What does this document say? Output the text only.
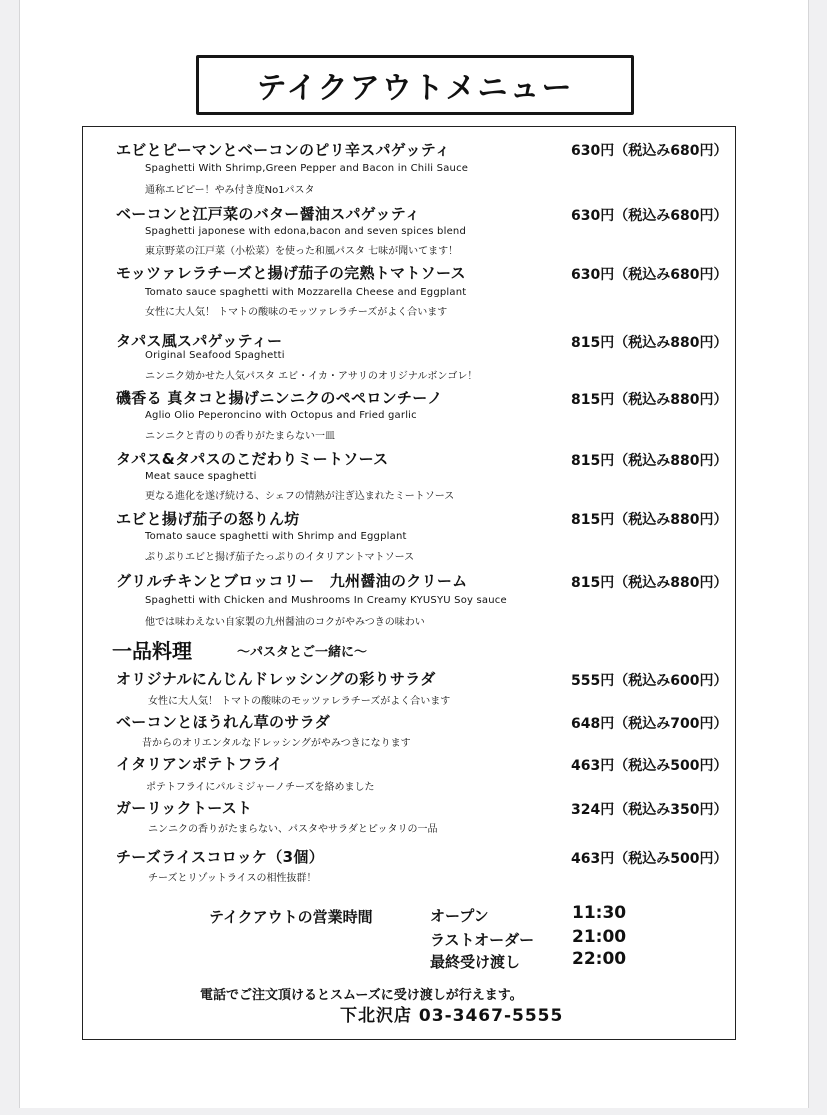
テイクアウトメニュー
エビとピーマンとベーコンのピリ辛スパゲッティ	630円（税込み680円）
Spaghetti With Shrimp,Green Pepper and Bacon in Chili Sauce
通称エピピー！やみ付き度No1パスタ
ベーコンと江戸菜のバター醤油スパゲッティ	630円（税込み680円）
Spaghetti japonese with edona,bacon and seven spices blend
東京野菜の江戸菜（小松菜）を使った和風パスタ 七味が聞いてます！
モッツァレラチーズと揚げ茄子の完熟トマトソース	630円（税込み680円）
Tomato sauce spaghetti with Mozzarella Cheese and Eggplant
女性に大人気！ トマトの酸味のモッツァレラチーズがよく合います
タパス風スパゲッティー	815円（税込み880円）
Original Seafood Spaghetti
ニンニク効かせた人気パスタ エビ・イカ・アサリのオリジナルボンゴレ！
磯香る 真タコと揚げニンニクのペペロンチーノ	815円（税込み880円）
Aglio Olio Peperoncino with Octopus and Fried garlic
ニンニクと青のりの香りがたまらない一皿
タパス&タパスのこだわりミートソース	815円（税込み880円）
Meat sauce spaghetti
更なる進化を遂げ続ける、シェフの情熱が注ぎ込まれたミートソース
エビと揚げ茄子の怒りん坊	815円（税込み880円）
Tomato sauce spaghetti with Shrimp and Eggplant
ぷりぷりエビと揚げ茄子たっぷりのイタリアントマトソース
グリルチキンとブロッコリー　九州醤油のクリーム	815円（税込み880円）
Spaghetti with Chicken and Mushrooms In Creamy KYUSYU Soy sauce
他では味わえない自家製の九州醤油のコクがやみつきの味わい
一品料理	〜パスタとご一緒に〜
オリジナルにんじんドレッシングの彩りサラダ	555円（税込み600円）
女性に大人気！ トマトの酸味のモッツァレラチーズがよく合います
ベーコンとほうれん草のサラダ	648円（税込み700円）
昔からのオリエンタルなドレッシングがやみつきになります
イタリアンポテトフライ	463円（税込み500円）
ポテトフライにパルミジャーノチーズを絡めました
ガーリックトースト	324円（税込み350円）
ニンニクの香りがたまらない、パスタやサラダとピッタリの一品
チーズライスコロッケ（3個）	463円（税込み500円）
チーズとリゾットライスの相性抜群！
テイクアウトの営業時間	オープン	11:30
ラストオーダー 21:00
最終受け渡し	22:00
電話でご注文頂けるとスムーズに受け渡しが行えます。
下北沢店 03-3467-5555
